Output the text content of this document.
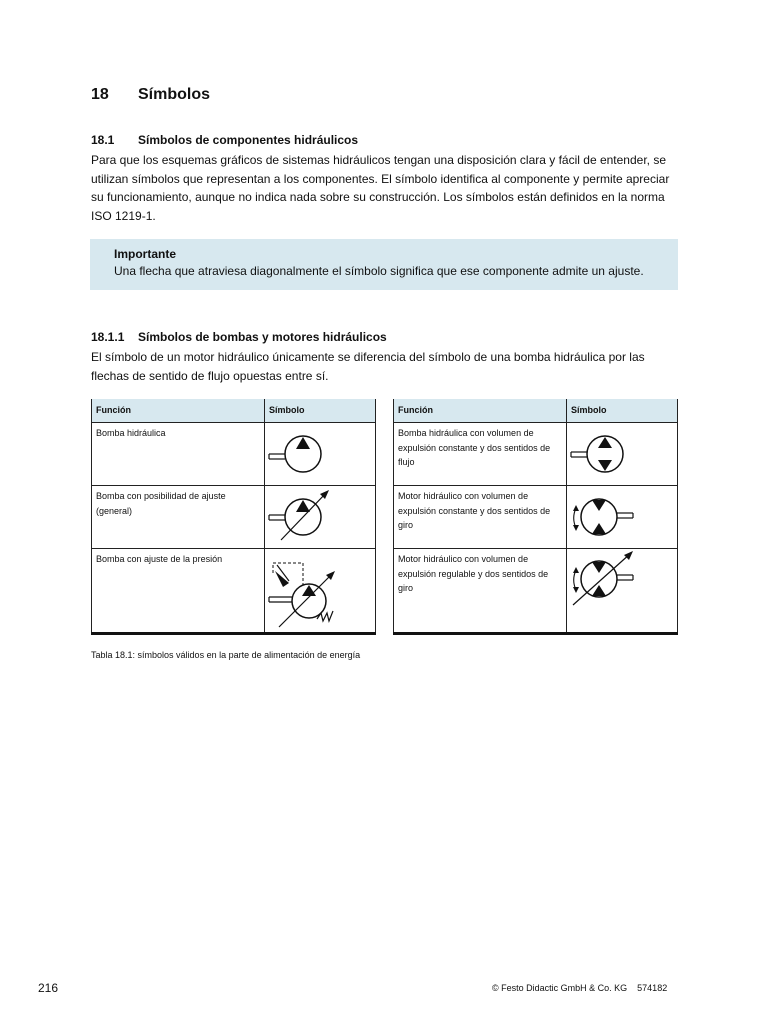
18 Símbolos
18.1 Símbolos de componentes hidráulicos
Para que los esquemas gráficos de sistemas hidráulicos tengan una disposición clara y fácil de entender, se utilizan símbolos que representan a los componentes. El símbolo identifica al componente y permite apreciar su funcionamiento, aunque no indica nada sobre su construcción. Los símbolos están definidos en la norma ISO 1219-1.
Importante
Una flecha que atraviesa diagonalmente el símbolo significa que ese componente admite un ajuste.
18.1.1 Símbolos de bombas y motores hidráulicos
El símbolo de un motor hidráulico únicamente se diferencia del símbolo de una bomba hidráulica por las flechas de sentido de flujo opuestas entre sí.
Función	Símbolo
Bomba hidráulica	

Bomba con posibilidad de ajuste (general)	

Bomba con ajuste de la presión	
Función	Símbolo
Bomba hidráulica con volumen de expulsión constante y dos sentidos de flujo	

Motor hidráulico con volumen de expulsión constante y dos sentidos de giro	

Motor hidráulico con volumen de expulsión regulable y dos sentidos de giro	
Tabla 18.1: símbolos válidos en la parte de alimentación de energía
216	© Festo Didactic GmbH & Co. KG    574182
